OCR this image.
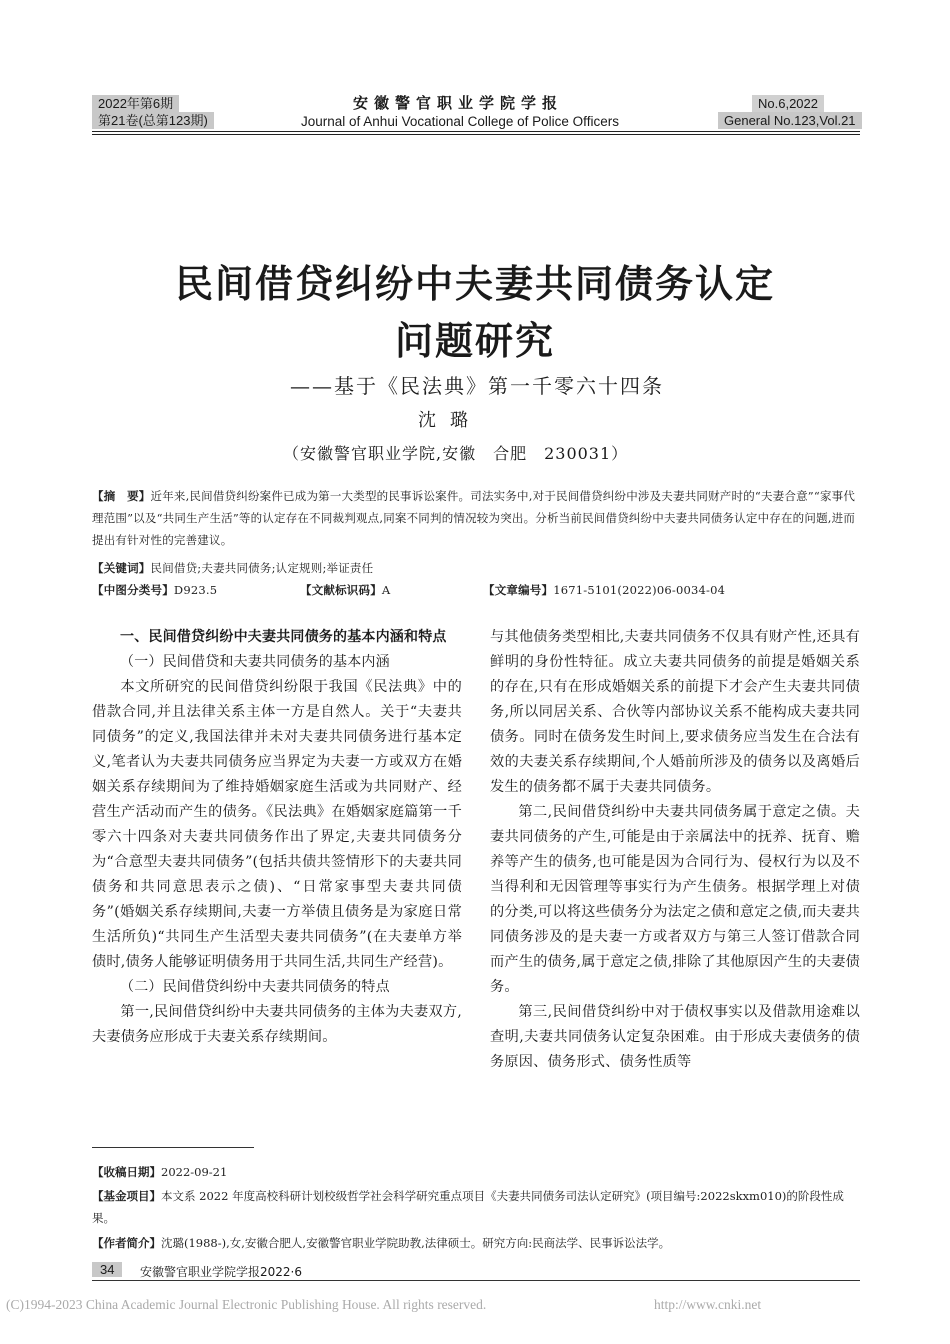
2022年第6期
第21卷(总第123期)
安徽警官职业学院学报
Journal of Anhui Vocational College of Police Officers
No.6,2022
General No.123,Vol.21
民间借贷纠纷中夫妻共同债务认定
问题研究
——基于《民法典》第一千零六十四条
沈璐
（安徽警官职业学院,安徽　合肥　230031）
【摘　要】近年来,民间借贷纠纷案件已成为第一大类型的民事诉讼案件。司法实务中,对于民间借贷纠纷中涉及夫妻共同财产时的“夫妻合意”“家事代理范围”以及“共同生产生活”等的认定存在不同裁判观点,同案不同判的情况较为突出。分析当前民间借贷纠纷中夫妻共同债务认定中存在的问题,进而提出有针对性的完善建议。
【关键词】民间借贷;夫妻共同债务;认定规则;举证责任
【中图分类号】D923.5	【文献标识码】A	【文章编号】1671-5101(2022)06-0034-04
一、民间借贷纠纷中夫妻共同债务的基本内涵和特点
（一）民间借贷和夫妻共同债务的基本内涵

本文所研究的民间借贷纠纷限于我国《民法典》中的借款合同,并且法律关系主体一方是自然人。关于“夫妻共同债务”的定义,我国法律并未对夫妻共同债务进行基本定义,笔者认为夫妻共同债务应当界定为夫妻一方或双方在婚姻关系存续期间为了维持婚姻家庭生活或为共同财产、经营生产活动而产生的债务。《民法典》在婚姻家庭篇第一千零六十四条对夫妻共同债务作出了界定,夫妻共同债务分为“合意型夫妻共同债务”(包括共债共签情形下的夫妻共同债务和共同意思表示之债)、“日常家事型夫妻共同债务”(婚姻关系存续期间,夫妻一方举债且债务是为家庭日常生活所负)“共同生产生活型夫妻共同债务”(在夫妻单方举债时,债务人能够证明债务用于共同生活,共同生产经营)。

（二）民间借贷纠纷中夫妻共同债务的特点

第一,民间借贷纠纷中夫妻共同债务的主体为夫妻双方,夫妻债务应形成于夫妻关系存续期间。

与其他债务类型相比,夫妻共同债务不仅具有财产性,还具有鲜明的身份性特征。成立夫妻共同债务的前提是婚姻关系的存在,只有在形成婚姻关系的前提下才会产生夫妻共同债务,所以同居关系、合伙等内部协议关系不能构成夫妻共同债务。同时在债务发生时间上,要求债务应当发生在合法有效的夫妻关系存续期间,个人婚前所涉及的债务以及离婚后发生的债务都不属于夫妻共同债务。

第二,民间借贷纠纷中夫妻共同债务属于意定之债。夫妻共同债务的产生,可能是由于亲属法中的抚养、抚育、赡养等产生的债务,也可能是因为合同行为、侵权行为以及不当得利和无因管理等事实行为产生债务。根据学理上对债的分类,可以将这些债务分为法定之债和意定之债,而夫妻共同债务涉及的是夫妻一方或者双方与第三人签订借款合同而产生的债务,属于意定之债,排除了其他原因产生的夫妻债务。

第三,民间借贷纠纷中对于债权事实以及借款用途难以查明,夫妻共同债务认定复杂困难。由于形成夫妻债务的债务原因、债务形式、债务性质等

【收稿日期】2022-09-21
【基金项目】本文系 2022 年度高校科研计划校级哲学社会科学研究重点项目《夫妻共同债务司法认定研究》(项目编号:2022skxm010)的阶段性成果。
【作者简介】沈璐(1988-),女,安徽合肥人,安徽警官职业学院助教,法律硕士。研究方向:民商法学、民事诉讼法学。
34	安徽警官职业学院学报2022·6
(C)1994-2023 China Academic Journal Electronic Publishing House. All rights reserved.	http://www.cnki.net
